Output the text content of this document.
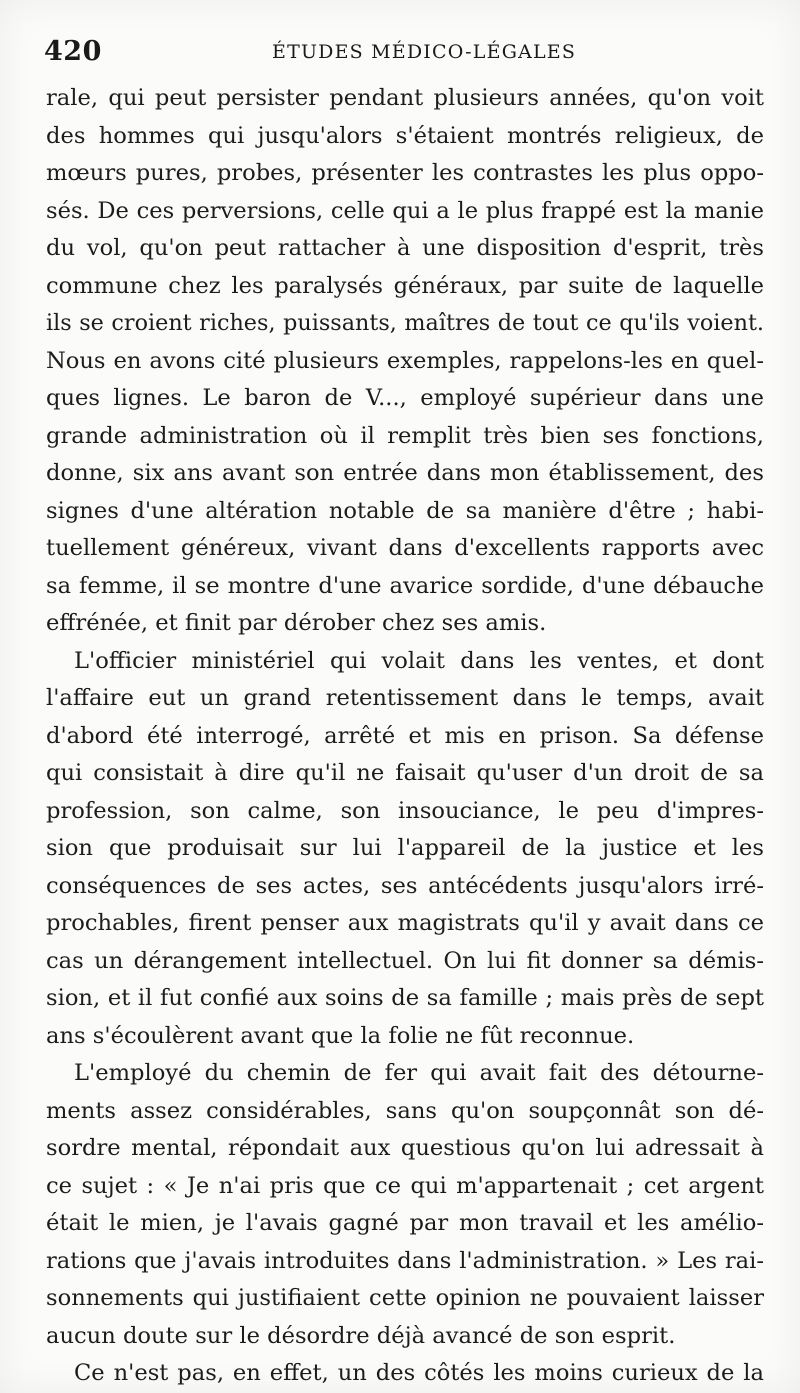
420	ÉTUDES MÉDICO-LÉGALES
rale, qui peut persister pendant plusieurs années, qu'on voit
des hommes qui jusqu'alors s'étaient montrés religieux, de
mœurs pures, probes, présenter les contrastes les plus oppo-
sés. De ces perversions, celle qui a le plus frappé est la manie
du vol, qu'on peut rattacher à une disposition d'esprit, très
commune chez les paralysés généraux, par suite de laquelle
ils se croient riches, puissants, maîtres de tout ce qu'ils voient.
Nous en avons cité plusieurs exemples, rappelons-les en quel-
ques lignes. Le baron de V..., employé supérieur dans une
grande administration où il remplit très bien ses fonctions,
donne, six ans avant son entrée dans mon établissement, des
signes d'une altération notable de sa manière d'être ; habi-
tuellement généreux, vivant dans d'excellents rapports avec
sa femme, il se montre d'une avarice sordide, d'une débauche
effrénée, et finit par dérober chez ses amis.
L'officier ministériel qui volait dans les ventes, et dont
l'affaire eut un grand retentissement dans le temps, avait
d'abord été interrogé, arrêté et mis en prison. Sa défense
qui consistait à dire qu'il ne faisait qu'user d'un droit de sa
profession, son calme, son insouciance, le peu d'impres-
sion que produisait sur lui l'appareil de la justice et les
conséquences de ses actes, ses antécédents jusqu'alors irré-
prochables, firent penser aux magistrats qu'il y avait dans ce
cas un dérangement intellectuel. On lui fit donner sa démis-
sion, et il fut confié aux soins de sa famille ; mais près de sept
ans s'écoulèrent avant que la folie ne fût reconnue.
L'employé du chemin de fer qui avait fait des détourne-
ments assez considérables, sans qu'on soupçonnât son dé-
sordre mental, répondait aux questious qu'on lui adressait à
ce sujet : « Je n'ai pris que ce qui m'appartenait ; cet argent
était le mien, je l'avais gagné par mon travail et les amélio-
rations que j'avais introduites dans l'administration. » Les rai-
sonnements qui justifiaient cette opinion ne pouvaient laisser
aucun doute sur le désordre déjà avancé de son esprit.
Ce n'est pas, en effet, un des côtés les moins curieux de la
